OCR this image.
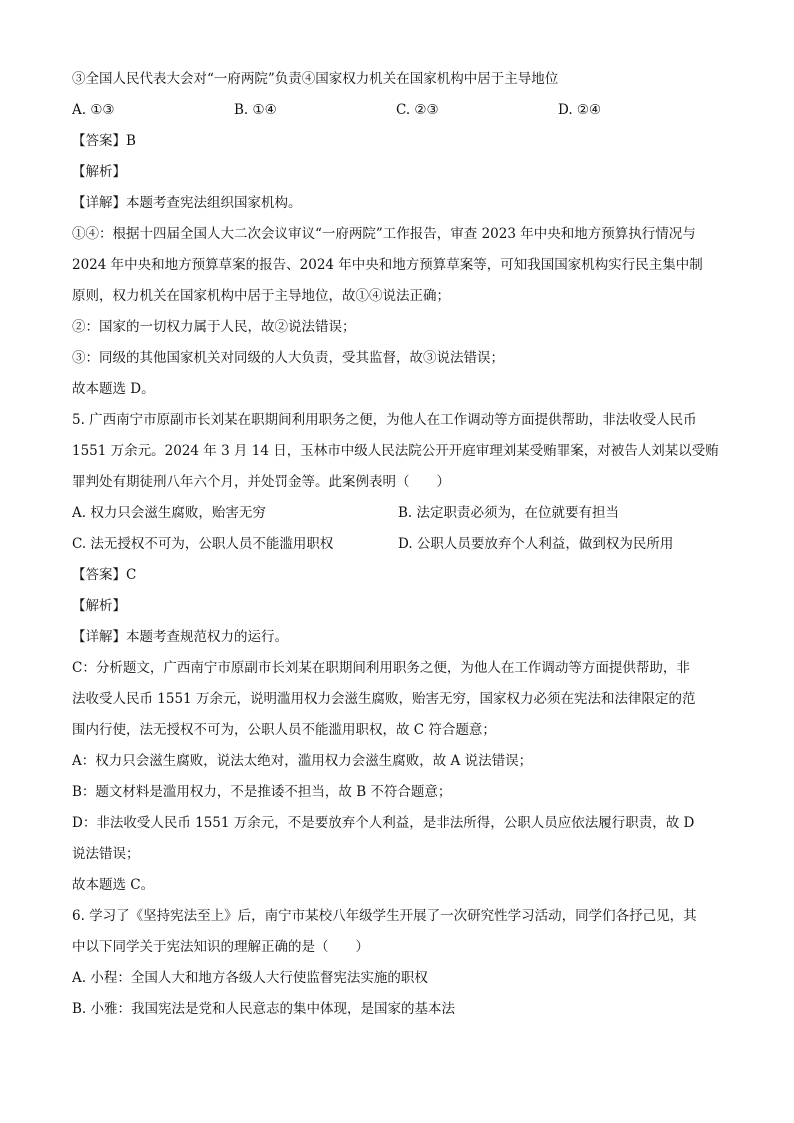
③全国人民代表大会对“一府两院”负责④国家权力机关在国家机构中居于主导地位
A. ①③	B. ①④	C. ②③	D. ②④
【答案】B
【解析】
【详解】本题考查宪法组织国家机构。
①④：根据十四届全国人大二次会议审议“一府两院”工作报告，审查 2023 年中央和地方预算执行情况与
2024 年中央和地方预算草案的报告、2024 年中央和地方预算草案等，可知我国国家机构实行民主集中制
原则，权力机关在国家机构中居于主导地位，故①④说法正确；
②：国家的一切权力属于人民，故②说法错误；
③：同级的其他国家机关对同级的人大负责，受其监督，故③说法错误；
故本题选 D。
5. 广西南宁市原副市长刘某在职期间利用职务之便，为他人在工作调动等方面提供帮助，非法收受人民币
1551 万余元。2024 年 3 月 14 日，玉林市中级人民法院公开开庭审理刘某受贿罪案，对被告人刘某以受贿
罪判处有期徒刑八年六个月，并处罚金等。此案例表明（　　）
A. 权力只会滋生腐败，贻害无穷	B. 法定职责必须为，在位就要有担当
C. 法无授权不可为，公职人员不能滥用职权	D. 公职人员要放弃个人利益，做到权为民所用
【答案】C
【解析】
【详解】本题考查规范权力的运行。
C：分析题文，广西南宁市原副市长刘某在职期间利用职务之便，为他人在工作调动等方面提供帮助，非
法收受人民币 1551 万余元，说明滥用权力会滋生腐败，贻害无穷，国家权力必须在宪法和法律限定的范
围内行使，法无授权不可为，公职人员不能滥用职权，故 C 符合题意；
A：权力只会滋生腐败，说法太绝对，滥用权力会滋生腐败，故 A 说法错误；
B：题文材料是滥用权力，不是推诿不担当，故 B 不符合题意；
D：非法收受人民币 1551 万余元，不是要放弃个人利益，是非法所得，公职人员应依法履行职责，故 D
说法错误；
故本题选 C。
6. 学习了《坚持宪法至上》后，南宁市某校八年级学生开展了一次研究性学习活动，同学们各抒己见，其
中以下同学关于宪法知识的理解正确的是（　　）
A. 小程：全国人大和地方各级人大行使监督宪法实施的职权
B. 小雅：我国宪法是党和人民意志的集中体现，是国家的基本法
